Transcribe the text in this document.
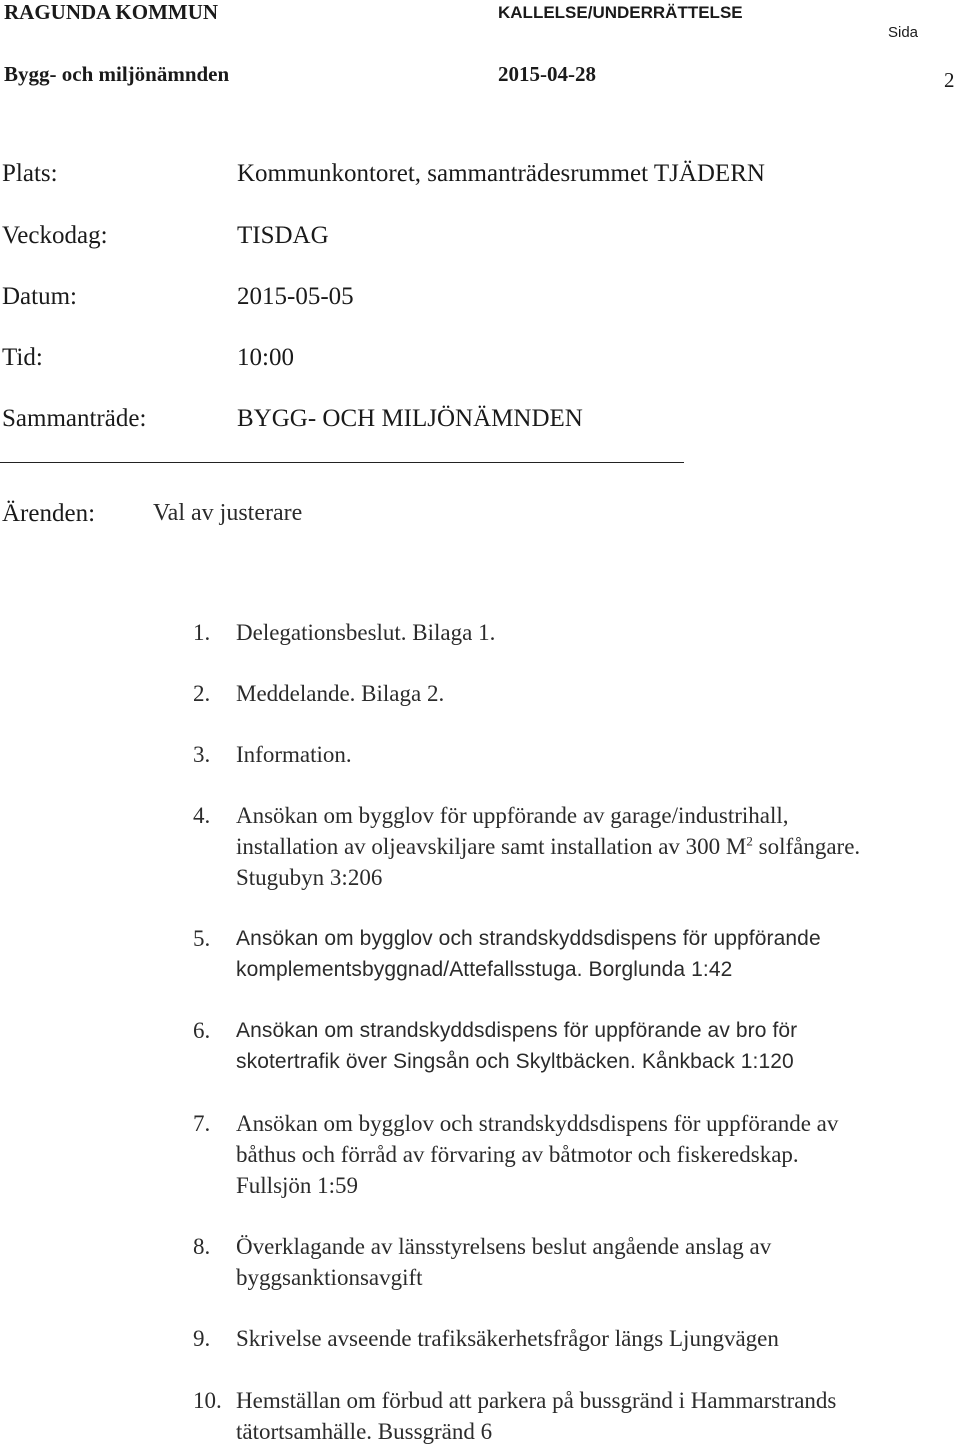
RAGUNDA KOMMUN	KALLELSE/UNDERRÄTTELSE
Sida
Bygg- och miljönämnden	2015-04-28	2
Plats:	Kommunkontoret, sammanträdesrummet TJÄDERN
Veckodag:	TISDAG
Datum:	2015-05-05
Tid:	10:00
Sammanträde:	BYGG- OCH MILJÖNÄMNDEN
Ärenden: Val av justerare
1.	Delegationsbeslut. Bilaga 1.
2.	Meddelande. Bilaga 2.
3.	Information.
4.	Ansökan om bygglov för uppförande av garage/industrihall,
installation av oljeavskiljare samt installation av 300 $M^2$ solfångare.
Stugubyn 3:206
5.	Ansökan om bygglov och strandskyddsdispens för uppförande
komplementsbyggnad/Attefallsstuga. Borglunda 1:42
6.	Ansökan om strandskyddsdispens för uppförande av bro för
skotertrafik över Singsån och Skyltbäcken. Kånkback 1:120
7.	Ansökan om bygglov och strandskyddsdispens för uppförande av
båthus och förråd av förvaring av båtmotor och fiskeredskap.
Fullsjön 1:59
8.	Överklagande av länsstyrelsens beslut angående anslag av
byggsanktionsavgift
9.	Skrivelse avseende trafiksäkerhetsfrågor längs Ljungvägen
10. Hemställan om förbud att parkera på bussgränd i Hammarstrands
tätortsamhälle. Bussgränd 6
